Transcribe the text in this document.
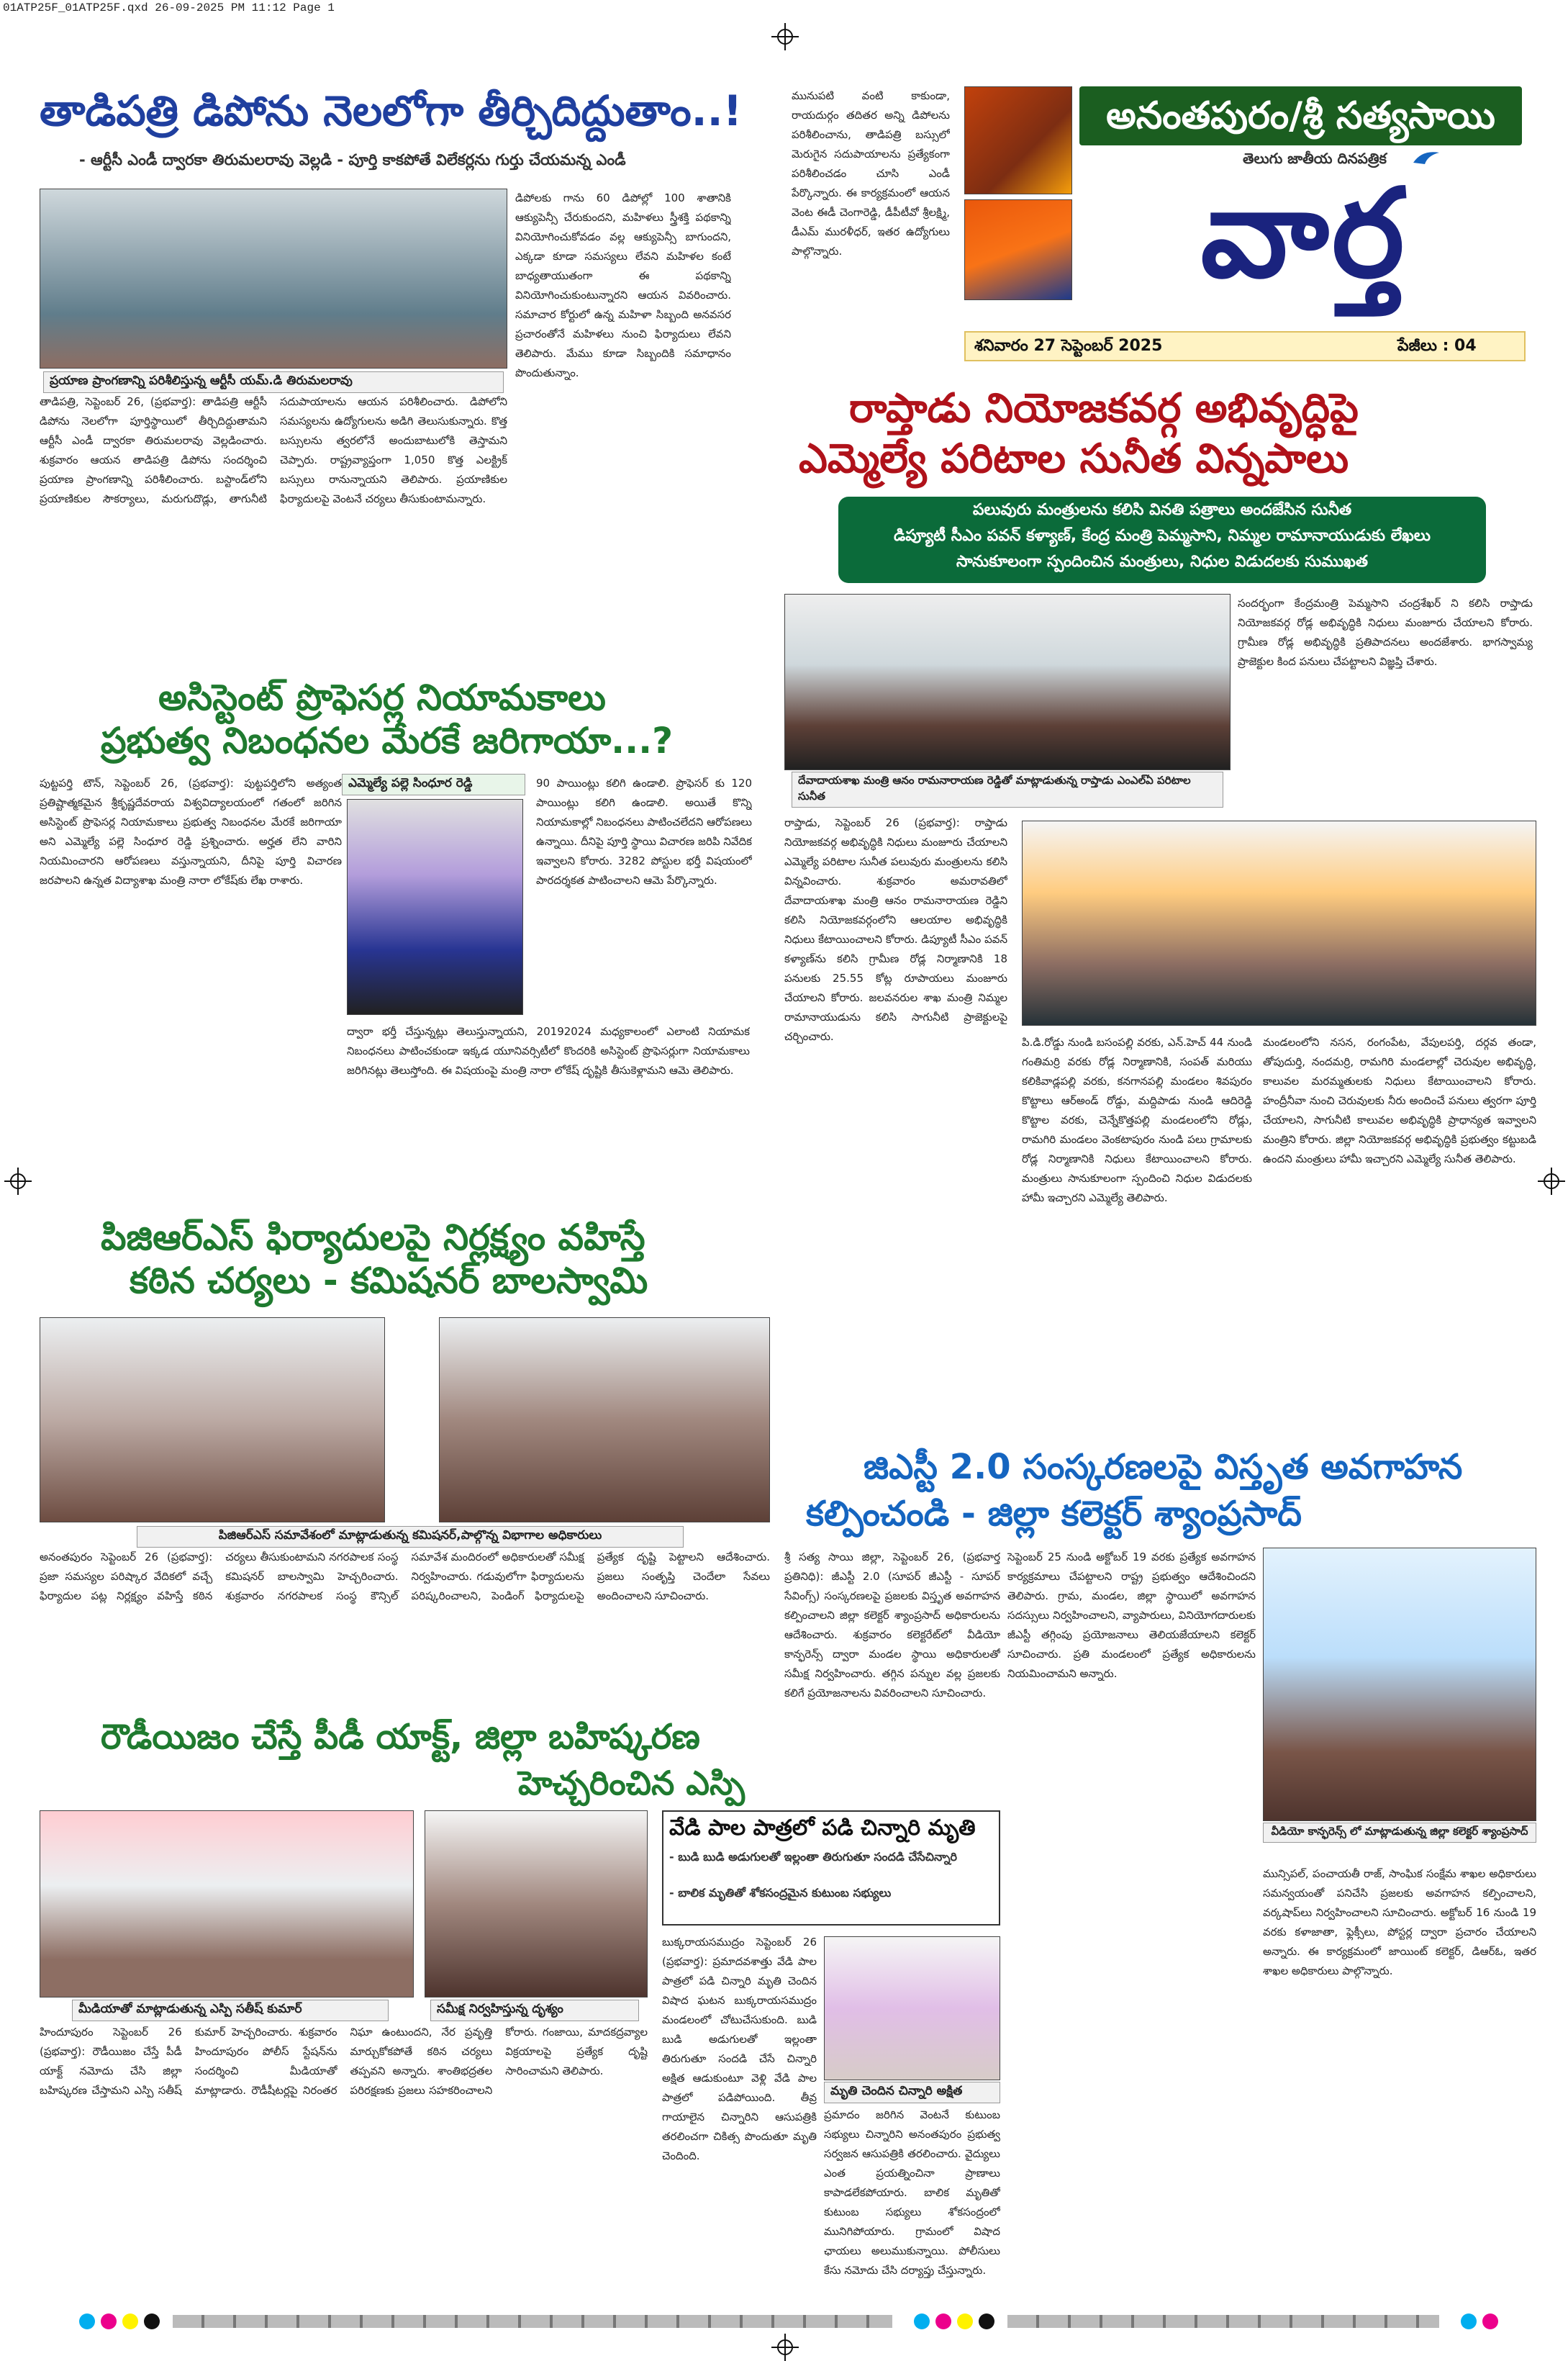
01ATP25F_01ATP25F.qxd 26-09-2025 PM 11:12 Page 1
అనంతపురం/శ్రీ సత్యసాయి
తెలుగు జాతీయ దినపత్రిక
వార్త
శనివారం 27 సెప్టెంబర్ 2025	పేజీలు : 04
తాడిపత్రి డిపోను నెలలోగా తీర్చిదిద్దుతాం..!
- ఆర్టీసీ ఎండీ ద్వారకా తిరుమలరావు వెల్లడి - పూర్తి కాకపోతే విలేకర్లను గుర్తు చేయమన్న ఎండీ
ప్రయాణ ప్రాంగణాన్ని పరిశీలిస్తున్న ఆర్టీసీ యమ్.డి తిరుమలరావు
తాడిపత్రి, సెప్టెంబర్ 26, (ప్రభవార్త): తాడిపత్రి ఆర్టీసీ డిపోను నెలలోగా పూర్తిస్థాయిలో తీర్చిదిద్దుతామని ఆర్టీసీ ఎండీ ద్వారకా తిరుమలరావు వెల్లడించారు. శుక్రవారం ఆయన తాడిపత్రి డిపోను సందర్శించి ప్రయాణ ప్రాంగణాన్ని పరిశీలించారు. బస్టాండ్‌లోని ప్రయాణికుల సౌకర్యాలు, మరుగుదొడ్లు, తాగునీటి సదుపాయాలను ఆయన పరిశీలించారు. డిపోలోని సమస్యలను ఉద్యోగులను అడిగి తెలుసుకున్నారు. కొత్త బస్సులను త్వరలోనే అందుబాటులోకి తెస్తామని చెప్పారు. రాష్ట్రవ్యాప్తంగా 1,050 కొత్త ఎలక్ట్రిక్ బస్సులు రానున్నాయని తెలిపారు. ప్రయాణికుల ఫిర్యాదులపై వెంటనే చర్యలు తీసుకుంటామన్నారు.
డిపోలకు గాను 60 డిపోల్లో 100 శాతానికి ఆక్యుపెన్సీ చేరుకుందని, మహిళలు స్త్రీశక్తి పథకాన్ని వినియోగించుకోవడం వల్ల ఆక్యుపెన్సీ బాగుందని, ఎక్కడా కూడా సమస్యలు లేవని మహిళల కంటే బాధ్యతాయుతంగా ఈ పథకాన్ని వినియోగించుకుంటున్నారని ఆయన వివరించారు. సమాచార కోర్టులో ఉన్న మహిళా సిబ్బంది అనవసర ప్రచారంతోనే మహిళలు నుంచి ఫిర్యాదులు లేవని తెలిపారు. మేము కూడా సిబ్బందికి సమాధానం పొందుతున్నాం.
మునుపటి వంటి కాకుండా, రాయదుర్గం తదితర అన్ని డిపోలను పరిశీలించాను, తాడిపత్రి బస్సులో మెరుగైన సదుపాయాలను ప్రత్యేకంగా పరిశీలించడం చూసి ఎండీ పేర్కొన్నారు. ఈ కార్యక్రమంలో ఆయన వెంట ఈడీ చెంగారెడ్డి, డీపీటీవో శ్రీలక్ష్మి, డీఎమ్ మురళీధర్, ఇతర ఉద్యోగులు పాల్గొన్నారు.
అసిస్టెంట్ ప్రొఫెసర్ల నియామకాలు
ప్రభుత్వ నిబంధనల మేరకే జరిగాయా...?
పుట్టపర్తి టౌన్, సెప్టెంబర్ 26, (ప్రభవార్త): పుట్టపర్తిలోని అత్యంత ప్రతిష్టాత్మకమైన శ్రీకృష్ణదేవరాయ విశ్వవిద్యాలయంలో గతంలో జరిగిన అసిస్టెంట్ ప్రొఫెసర్ల నియామకాలు ప్రభుత్వ నిబంధనల మేరకే జరిగాయా అని ఎమ్మెల్యే పల్లె సింధూర రెడ్డి ప్రశ్నించారు. అర్హత లేని వారిని నియమించారని ఆరోపణలు వస్తున్నాయని, దీనిపై పూర్తి విచారణ జరపాలని ఉన్నత విద్యాశాఖ మంత్రి నారా లోకేష్‌కు లేఖ రాశారు.
ఎమ్మెల్యే పల్లె సింధూర రెడ్డి	90 పాయింట్లు కలిగి ఉండాలి. ప్రొఫెసర్ కు 120 పాయింట్లు కలిగి ఉండాలి. అయితే కొన్ని నియామకాల్లో నిబంధనలు పాటించలేదని ఆరోపణలు ఉన్నాయి. దీనిపై పూర్తి స్థాయి విచారణ జరిపి నివేదిక ఇవ్వాలని కోరారు. 3282 పోస్టుల భర్తీ విషయంలో పారదర్శకత పాటించాలని ఆమె పేర్కొన్నారు.
ద్వారా భర్తీ చేస్తున్నట్లు తెలుస్తున్నాయని, 20192024 మధ్యకాలంలో ఎలాంటి నియామక నిబంధనలు పాటించకుండా ఇక్కడ యూనివర్సిటీలో కొందరికి అసిస్టెంట్ ప్రొఫెసర్లుగా నియామకాలు జరిగినట్లు తెలుస్తోంది. ఈ విషయంపై మంత్రి నారా లోకేష్ దృష్టికి తీసుకెళ్లామని ఆమె తెలిపారు.
పిజిఆర్ఎస్ ఫిర్యాదులపై నిర్లక్ష్యం వహిస్తే
కఠిన చర్యలు - కమిషనర్ బాలస్వామి
పిజిఆర్ఎస్ సమావేశంలో మాట్లాడుతున్న కమిషనర్,పాల్గొన్న విభాగాల అధికారులు
అనంతపురం సెప్టెంబర్ 26 (ప్రభవార్త): ప్రజా సమస్యల పరిష్కార వేదికలో వచ్చే ఫిర్యాదుల పట్ల నిర్లక్ష్యం వహిస్తే కఠిన చర్యలు తీసుకుంటామని నగరపాలక సంస్థ కమిషనర్ బాలస్వామి హెచ్చరించారు. శుక్రవారం నగరపాలక సంస్థ కౌన్సిల్ సమావేశ మందిరంలో అధికారులతో సమీక్ష నిర్వహించారు. గడువులోగా ఫిర్యాదులను పరిష్కరించాలని, పెండింగ్ ఫిర్యాదులపై ప్రత్యేక దృష్టి పెట్టాలని ఆదేశించారు. ప్రజలు సంతృప్తి చెందేలా సేవలు అందించాలని సూచించారు.
రౌడీయిజం చేస్తే పీడీ యాక్ట్, జిల్లా బహిష్కరణ
హెచ్చరించిన ఎస్పి
మీడియాతో మాట్లాడుతున్న ఎస్పి సతీష్ కుమార్	సమీక్ష నిర్వహిస్తున్న దృశ్యం
హిందూపురం సెప్టెంబర్ 26 (ప్రభవార్త): రౌడీయిజం చేస్తే పీడీ యాక్ట్ నమోదు చేసి జిల్లా బహిష్కరణ చేస్తామని ఎస్పి సతీష్ కుమార్ హెచ్చరించారు. శుక్రవారం హిందూపురం పోలీస్ స్టేషన్‌ను సందర్శించి మీడియాతో మాట్లాడారు. రౌడీషీటర్లపై నిరంతర నిఘా ఉంటుందని, నేర ప్రవృత్తి మార్చుకోకపోతే కఠిన చర్యలు తప్పవని అన్నారు. శాంతిభద్రతల పరిరక్షణకు ప్రజలు సహకరించాలని కోరారు. గంజాయి, మాదకద్రవ్యాల విక్రయాలపై ప్రత్యేక దృష్టి సారించామని తెలిపారు.
రాప్తాడు నియోజకవర్గ అభివృద్ధిపై
ఎమ్మెల్యే పరిటాల సునీత విన్నపాలు
పలువురు మంత్రులను కలిసి వినతి పత్రాలు అందజేసిన సునీత
డిప్యూటీ సీఎం పవన్ కళ్యాణ్, కేంద్ర మంత్రి పెమ్మసాని, నిమ్మల రామానాయుడుకు లేఖలు
సానుకూలంగా స్పందించిన మంత్రులు, నిధుల విడుదలకు సుముఖత
దేవాదాయశాఖ మంత్రి ఆనం రామనారాయణ రెడ్డితో మాట్లాడుతున్న రాప్తాడు ఎంఎల్ఏ పరిటాల సునీత
సందర్భంగా కేంద్రమంత్రి పెమ్మసాని చంద్రశేఖర్ ని కలిసి రాప్తాడు నియోజకవర్గ రోడ్ల అభివృద్ధికి నిధులు మంజూరు చేయాలని కోరారు. గ్రామీణ రోడ్ల అభివృద్ధికి ప్రతిపాదనలు అందజేశారు. భాగస్వామ్య ప్రాజెక్టుల కింద పనులు చేపట్టాలని విజ్ఞప్తి చేశారు.
రాప్తాడు, సెప్టెంబర్ 26 (ప్రభవార్త): రాప్తాడు నియోజకవర్గ అభివృద్ధికి నిధులు మంజూరు చేయాలని ఎమ్మెల్యే పరిటాల సునీత పలువురు మంత్రులను కలిసి విన్నవించారు. శుక్రవారం అమరావతిలో దేవాదాయశాఖ మంత్రి ఆనం రామనారాయణ రెడ్డిని కలిసి నియోజకవర్గంలోని ఆలయాల అభివృద్ధికి నిధులు కేటాయించాలని కోరారు. డిప్యూటీ సీఎం పవన్ కళ్యాణ్‌ను కలిసి గ్రామీణ రోడ్ల నిర్మాణానికి 18 పనులకు 25.55 కోట్ల రూపాయలు మంజూరు చేయాలని కోరారు. జలవనరుల శాఖ మంత్రి నిమ్మల రామానాయుడును కలిసి సాగునీటి ప్రాజెక్టులపై చర్చించారు.	పి.డి.రోడ్డు నుండి బసంపల్లి వరకు, ఎన్.హెచ్ 44 నుండి గంతిమర్రి వరకు రోడ్ల నిర్మాణానికి, సంపత్ మరియు కలికివాడ్లపల్లి వరకు, కనగానపల్లి మండలం శివపురం కొట్టాలు ఆర్అండ్ రోడ్డు, మద్దిపాడు నుండి ఆదిరెడ్డి కొట్టాల వరకు, చెన్నేకొత్తపల్లి మండలంలోని రోడ్లు, రామగిరి మండలం వెంకటాపురం నుండి పలు గ్రామాలకు రోడ్ల నిర్మాణానికి నిధులు కేటాయించాలని కోరారు. మంత్రులు సానుకూలంగా స్పందించి నిధుల విడుదలకు హామీ ఇచ్చారని ఎమ్మెల్యే తెలిపారు.
మండలంలోని నసన, రంగంపేట, వేపులపర్తి, దర్గవ తండా, తోపుదుర్తి, నందమర్రి, రామగిరి మండలాల్లో చెరువుల అభివృద్ధి, కాలువల మరమ్మతులకు నిధులు కేటాయించాలని కోరారు. హంద్రీనీవా నుంచి చెరువులకు నీరు అందించే పనులు త్వరగా పూర్తి చేయాలని, సాగునీటి కాలువల అభివృద్ధికి ప్రాధాన్యత ఇవ్వాలని మంత్రిని కోరారు. జిల్లా నియోజకవర్గ అభివృద్ధికి ప్రభుత్వం కట్టుబడి ఉందని మంత్రులు హామీ ఇచ్చారని ఎమ్మెల్యే సునీత తెలిపారు.
జిఎస్టీ 2.0 సంస్కరణలపై విస్తృత అవగాహన
కల్పించండి - జిల్లా కలెక్టర్ శ్యాంప్రసాద్
శ్రీ సత్య సాయి జిల్లా, సెప్టెంబర్ 26, (ప్రభవార్త ప్రతినిధి): జీఎస్టీ 2.0 (సూపర్ జీఎస్టీ - సూపర్ సేవింగ్స్) సంస్కరణలపై ప్రజలకు విస్తృత అవగాహన కల్పించాలని జిల్లా కలెక్టర్ శ్యాంప్రసాద్ అధికారులను ఆదేశించారు. శుక్రవారం కలెక్టరేట్‌లో వీడియో కాన్ఫరెన్స్ ద్వారా మండల స్థాయి అధికారులతో సమీక్ష నిర్వహించారు. తగ్గిన పన్నుల వల్ల ప్రజలకు కలిగే ప్రయోజనాలను వివరించాలని సూచించారు.
సెప్టెంబర్ 25 నుండి అక్టోబర్ 19 వరకు ప్రత్యేక అవగాహన కార్యక్రమాలు చేపట్టాలని రాష్ట్ర ప్రభుత్వం ఆదేశించిందని తెలిపారు. గ్రామ, మండల, జిల్లా స్థాయిలో అవగాహన సదస్సులు నిర్వహించాలని, వ్యాపారులు, వినియోగదారులకు జీఎస్టీ తగ్గింపు ప్రయోజనాలు తెలియజేయాలని కలెక్టర్ సూచించారు. ప్రతి మండలంలో ప్రత్యేక అధికారులను నియమించామని అన్నారు.
వీడియో కాన్ఫరెన్స్ లో మాట్లాడుతున్న జిల్లా కలెక్టర్ శ్యాంప్రసాద్
మున్సిపల్, పంచాయతీ రాజ్, సాంఘిక సంక్షేమ శాఖల అధికారులు సమన్వయంతో పనిచేసి ప్రజలకు అవగాహన కల్పించాలని, వర్కషాప్‌లు నిర్వహించాలని సూచించారు. అక్టోబర్ 16 నుండి 19 వరకు కళాజాతా, ఫ్లెక్సీలు, పోస్టర్ల ద్వారా ప్రచారం చేయాలని అన్నారు. ఈ కార్యక్రమంలో జాయింట్ కలెక్టర్, డిఆర్ఓ, ఇతర శాఖల అధికారులు పాల్గొన్నారు.
వేడి పాల పాత్రలో పడి చిన్నారి మృతి
- బుడి బుడి అడుగులతో ఇల్లంతా తిరుగుతూ సందడి చేసేచిన్నారి
- బాలిక మృతితో శోకసంద్రమైన కుటుంబ సభ్యులు
బుక్కరాయసముద్రం సెప్టెంబర్ 26 (ప్రభవార్త): ప్రమాదవశాత్తు వేడి పాల పాత్రలో పడి చిన్నారి మృతి చెందిన విషాద ఘటన బుక్కరాయసముద్రం మండలంలో చోటుచేసుకుంది. బుడి బుడి అడుగులతో ఇల్లంతా తిరుగుతూ సందడి చేసే చిన్నారి అక్షిత ఆడుకుంటూ వెళ్లి వేడి పాల పాత్రలో పడిపోయింది. తీవ్ర గాయాలైన చిన్నారిని ఆసుపత్రికి తరలించగా చికిత్స పొందుతూ మృతి చెందింది.
మృతి చెందిన చిన్నారి అక్షిత
ప్రమాదం జరిగిన వెంటనే కుటుంబ సభ్యులు చిన్నారిని అనంతపురం ప్రభుత్వ సర్వజన ఆసుపత్రికి తరలించారు. వైద్యులు ఎంత ప్రయత్నించినా ప్రాణాలు కాపాడలేకపోయారు. బాలిక మృతితో కుటుంబ సభ్యులు శోకసంద్రంలో మునిగిపోయారు. గ్రామంలో విషాద ఛాయలు అలుముకున్నాయి. పోలీసులు కేసు నమోదు చేసి దర్యాప్తు చేస్తున్నారు.
